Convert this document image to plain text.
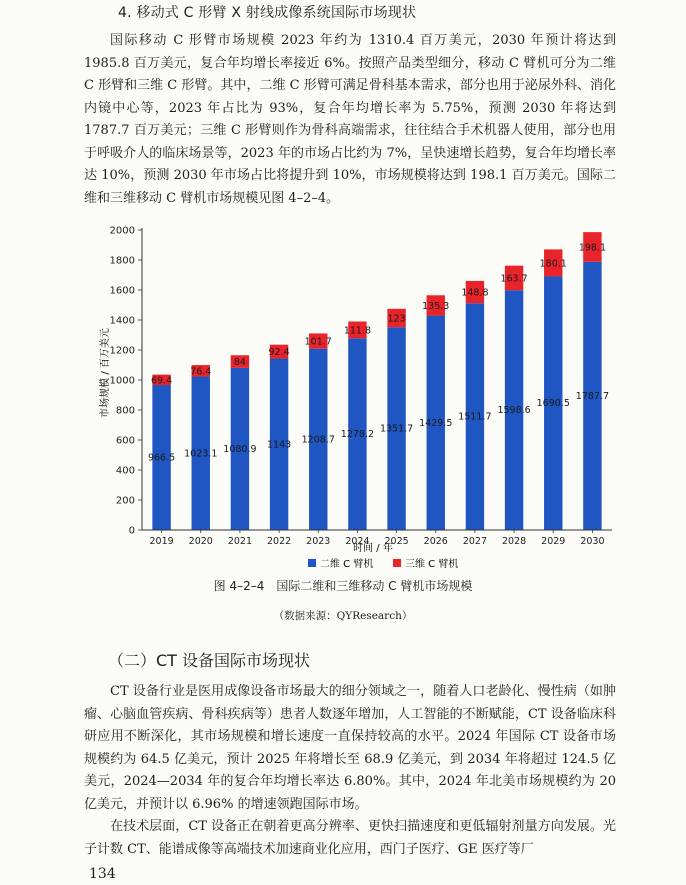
4. 移动式 C 形臂 X 射线成像系统国际市场现状

国际移动 C 形臂市场规模 2023 年约为 1310.4 百万美元，2030 年预计将达到 1985.8 百万美元，复合年均增长率接近 6%。按照产品类型细分，移动 C 臂机可分为二维 C 形臂和三维 C 形臂。其中，二维 C 形臂可满足骨科基本需求，部分也用于泌尿外科、消化内镜中心等，2023 年占比为 93%，复合年均增长率为 5.75%，预测 2030 年将达到 1787.7 百万美元；三维 C 形臂则作为骨科高端需求，往往结合手术机器人使用，部分也用于呼吸介人的临床场景等，2023 年的市场占比约为 7%，呈快速增长趋势，复合年均增长率达 10%，预测 2030 年市场占比将提升到 10%，市场规模将达到 198.1 百万美元。国际二维和三维移动 C 臂机市场规模见图 4–2–4。

966.5
69.4
1023.1
76.4
1080.9
84
1143
92.4
1208.7
101.7
1278.2
111.8
1351.7
123
1429.5
135.3
1511.7
148.8
1598.6
163.7
1690.5
180.1
1787.7
198.1
0
200
400
600
800
1000
1200
1400
1600
1800
2000
2019 2020 2021 2022 2023 2024 2025 2026 2027 2028 2029 2030
市场规模 / 百万美元
时间 / 年
二维 C 臂机	三维 C 臂机
图 4–2–4　国际二维和三维移动 C 臂机市场规模
（数据来源：QYResearch）
（二）CT 设备国际市场现状

CT 设备行业是医用成像设备市场最大的细分领域之一，随着人口老龄化、慢性病（如肿瘤、心脑血管疾病、骨科疾病等）患者人数逐年增加，人工智能的不断赋能，CT 设备临床科研应用不断深化，其市场规模和增长速度一直保持较高的水平。2024 年国际 CT 设备市场规模约为 64.5 亿美元，预计 2025 年将增长至 68.9 亿美元，到 2034 年将超过 124.5 亿美元，2024—2034 年的复合年均增长率达 6.80%。其中，2024 年北美市场规模约为 20 亿美元，并预计以 6.96% 的增速领跑国际市场。

在技术层面，CT 设备正在朝着更高分辨率、更快扫描速度和更低辐射剂量方向发展。光子计数 CT、能谱成像等高端技术加速商业化应用，西门子医疗、GE 医疗等厂

134
